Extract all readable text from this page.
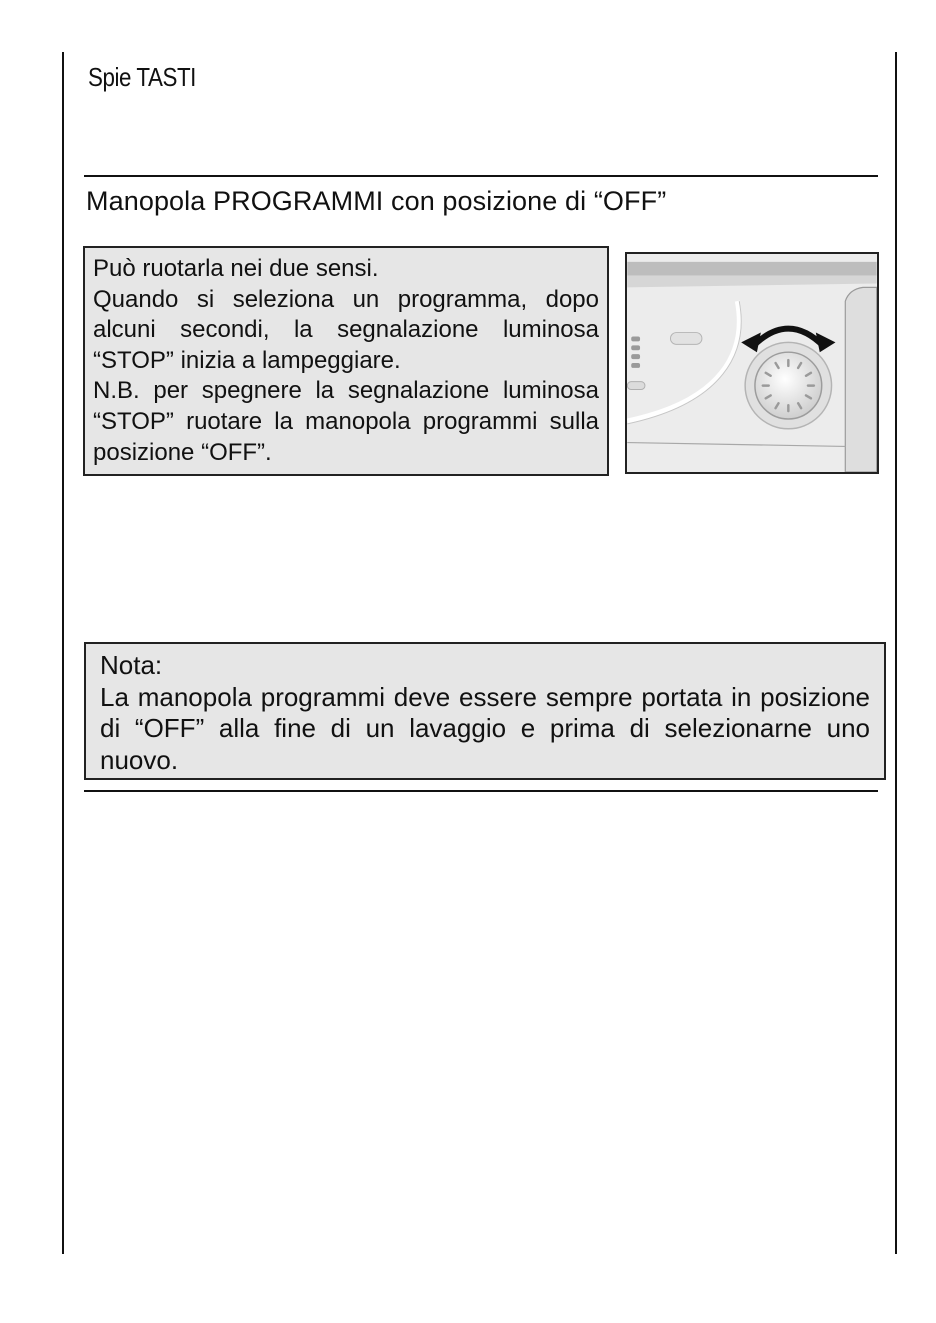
Spie TASTI
Manopola PROGRAMMI con posizione di “OFF”

Può ruotarla nei due sensi.

Quando si seleziona un programma, dopo alcuni secondi, la segnalazione luminosa “STOP” inizia a lampeggiare.

N.B. per spegnere la segnalazione luminosa “STOP” ruotare la manopola programmi sulla posizione “OFF”.

Nota:

La manopola programmi deve essere sempre portata in posizione di “OFF” alla fine di un lavaggio e prima di selezionarne uno nuovo.
